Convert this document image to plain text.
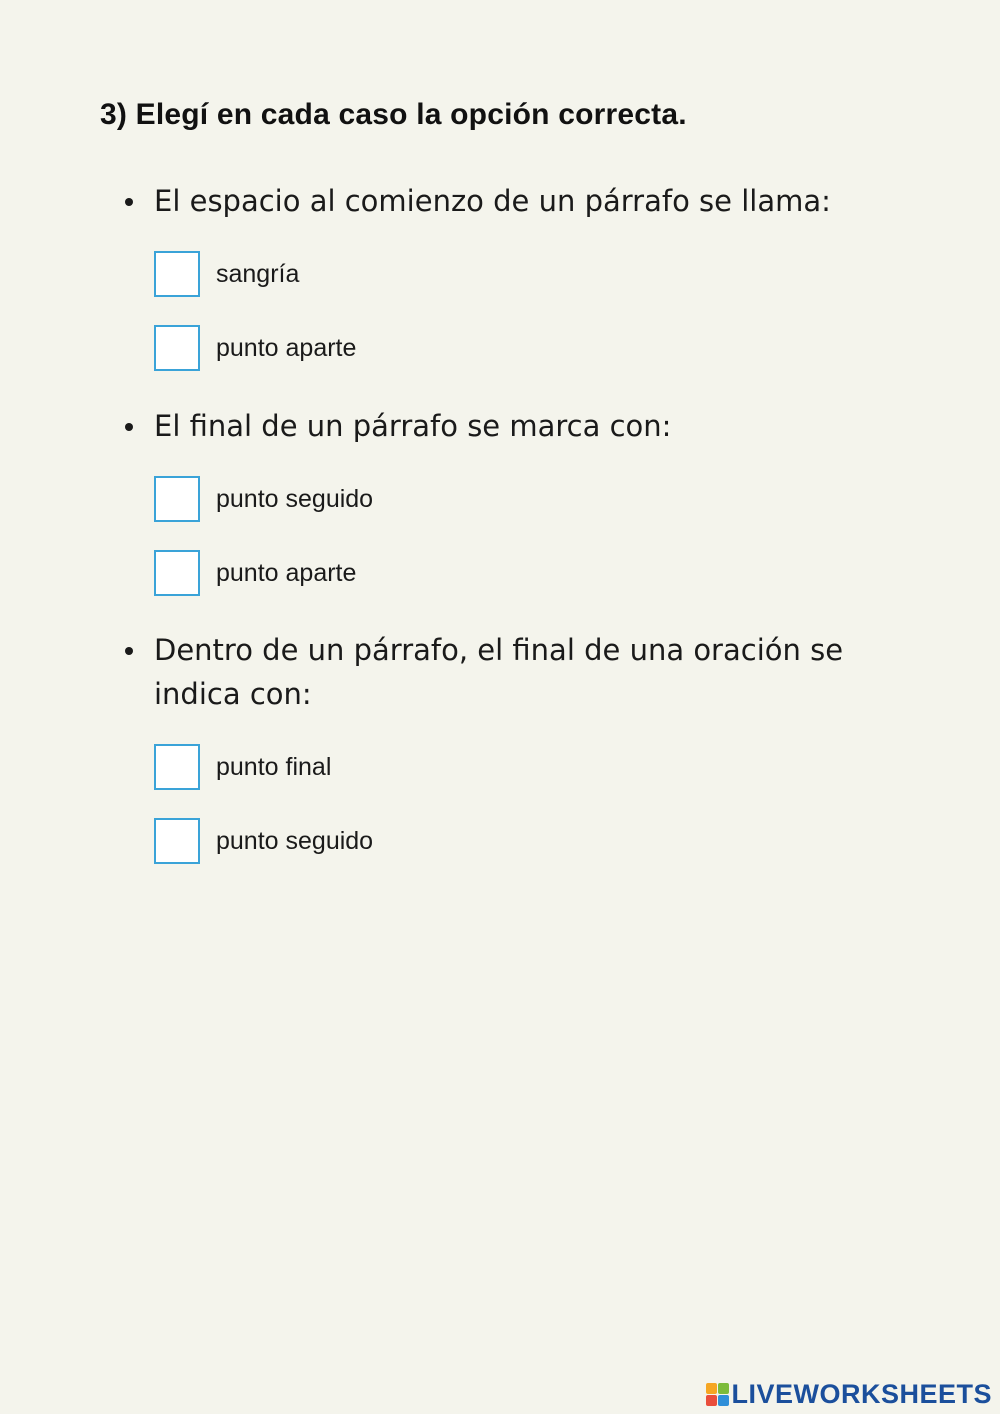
3) Elegí en cada caso la opción correcta.

El espacio al comienzo de un párrafo se llama:

sangría
punto aparte

El final de un párrafo se marca con:

punto seguido
punto aparte

Dentro de un párrafo, el final de una oración se indica con:

punto final
punto seguido
LIVEWORKSHEETS
